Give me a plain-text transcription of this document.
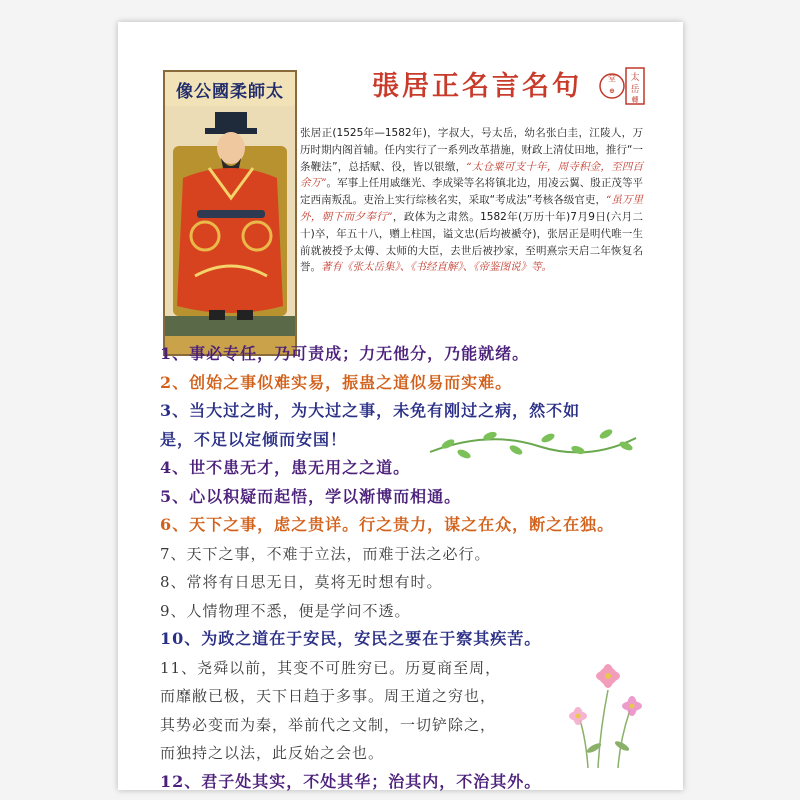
像公國柔師太	張居正名言名句	堂
⊕
太
岳
轉
张居正(1525年—1582年)，字叔大，号太岳，幼名张白圭，江陵人，万历时期内阁首辅。任内实行了一系列改革措施，财政上清仗田地，推行“一条鞭法”，总括赋、役，皆以银缴，“太仓粟可支十年，周寺积金，至四百余万”。军事上任用戚继光、李成梁等名将镇北边，用凌云翼、殷正茂等平定西南叛乱。吏治上实行综核名实，采取“考成法”考核各级官吏，“虽万里外，朝下而夕奉行”，政体为之肃然。1582年(万历十年)7月9日(六月二十)卒，年五十八，赠上柱国，谥文忠(后均被褫夺)，张居正是明代唯一生前就被授予太傅、太师的大臣，去世后被抄家，至明熹宗天启二年恢复名誉。著有《张太岳集》、《书经直解》、《帝鉴图说》等。
1、事必专任，乃可责成；力无他分，乃能就绪。
2、创始之事似难实易，振蛊之道似易而实难。
3、当大过之时，为大过之事，未免有刚过之病，然不如
是，不足以定倾而安国！
4、世不患无才，患无用之之道。
5、心以积疑而起悟，学以渐博而相通。
6、天下之事，虑之贵详。行之贵力，谋之在众，断之在独。
7、天下之事，不难于立法，而难于法之必行。
8、常将有日思无日，莫将无时想有时。
9、人情物理不悉，便是学问不透。
10、为政之道在于安民，安民之要在于察其疾苦。
11、尧舜以前，其变不可胜穷已。历夏商至周，
而靡敝已极，天下日趋于多事。周王道之穷也，
其势必变而为秦，举前代之文制，一切铲除之，
而独持之以法，此反始之会也。
12、君子处其实，不处其华；治其内，不治其外。
